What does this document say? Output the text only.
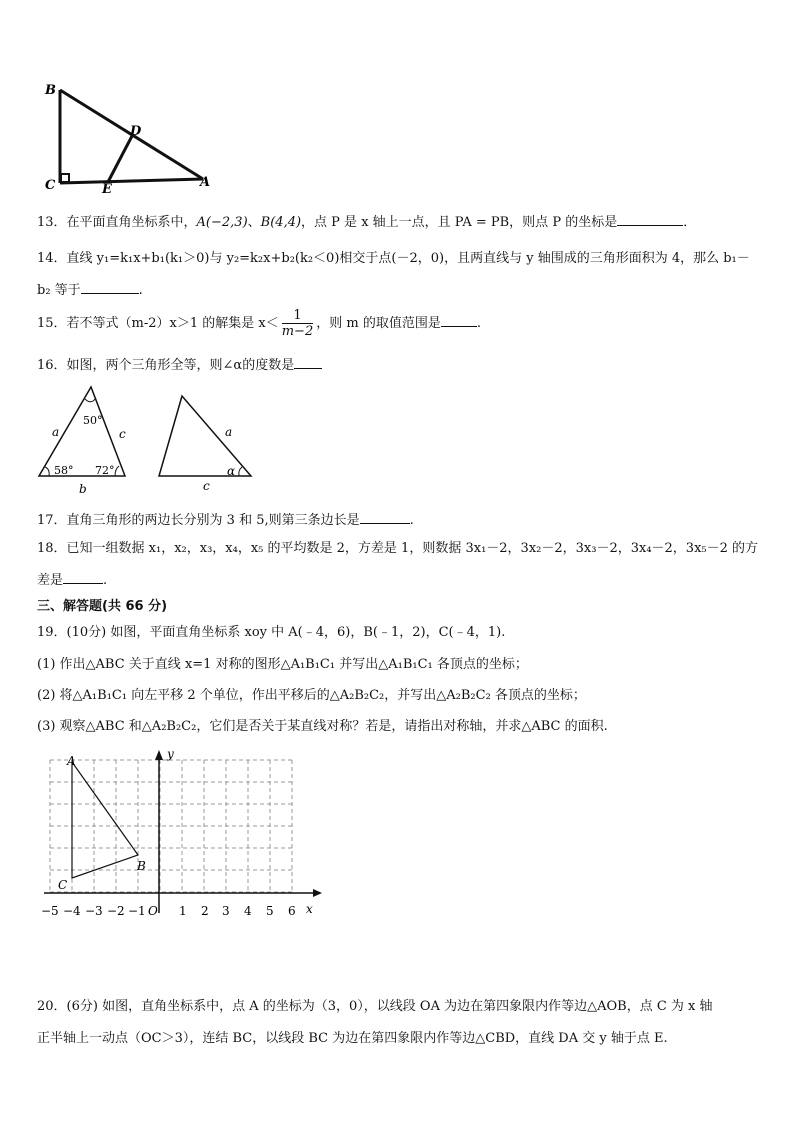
B
D
C	E	A
13．在平面直角坐标系中，A(−2,3)、B(4,4)，点 P 是 x 轴上一点，且 PA = PB，则点 P 的坐标是	．
14．直线 y₁=k₁x+b₁(k₁＞0)与 y₂=k₂x+b₂(k₂＜0)相交于点(－2，0)，且两直线与 y 轴围成的三角形面积为 4，那么 b₁－
b₂ 等于	.
15．若不等式（m-2）x＞1 的解集是 $x< \frac{1}{m-2}$ ，则 m 的取值范围是	.
16．如图，两个三角形全等，则∠α的度数是
50°
a	c
58° 72°
b
a
α
c
17．直角三角形的两边长分别为 3 和 5,则第三条边长是	.
18．已知一组数据 x₁，x₂，x₃，x₄，x₅ 的平均数是 2，方差是 1，则数据 3x₁－2，3x₂－2，3x₃－2，3x₄－2，3x₅－2 的方
差是	.
三、解答题(共 66 分)
19．(10分) 如图，平面直角坐标系 xoy 中 A(﹣4，6)，B(﹣1，2)，C(﹣4，1).
(1) 作出△ABC 关于直线 x=1 对称的图形△A₁B₁C₁ 并写出△A₁B₁C₁ 各顶点的坐标；
(2) 将△A₁B₁C₁ 向左平移 2 个单位，作出平移后的△A₂B₂C₂，并写出△A₂B₂C₂ 各顶点的坐标；
(3) 观察△ABC 和△A₂B₂C₂，它们是否关于某直线对称？若是，请指出对称轴，并求△ABC 的面积.
y
x
−5 −4 −3 −2 −1	1 2 3 4 5 6
O
A
B
C
20．(6分) 如图，直角坐标系中，点 A 的坐标为（3，0），以线段 OA 为边在第四象限内作等边△AOB，点 C 为 x 轴
正半轴上一动点（OC＞3），连结 BC，以线段 BC 为边在第四象限内作等边△CBD，直线 DA 交 y 轴于点 E.
